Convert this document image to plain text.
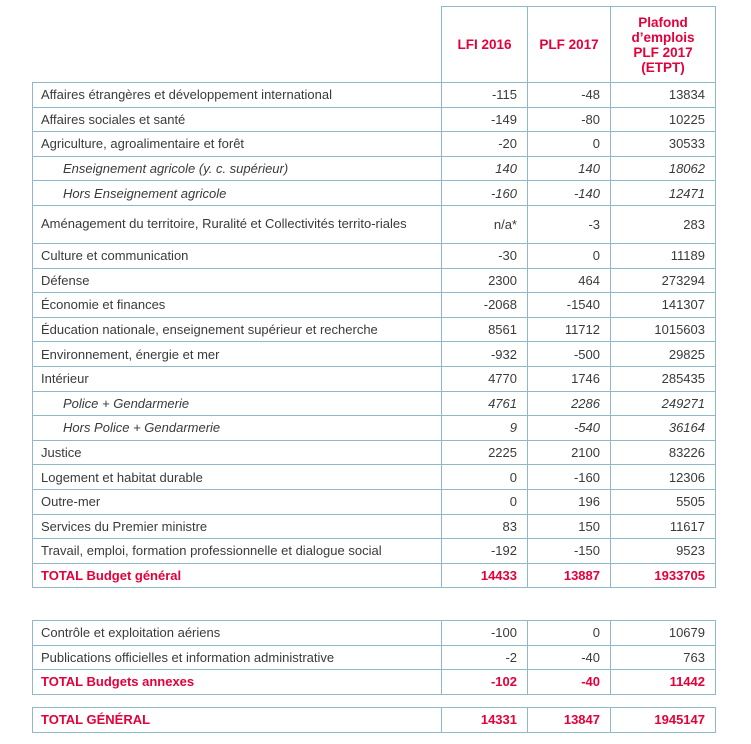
	LFI 2016	PLF 2017	Plafond d’emplois PLF 2017 (ETPT)
Affaires étrangères et développement international	-115	-48	13834
Affaires sociales et santé	-149	-80	10225
Agriculture, agroalimentaire et forêt	-20	0	30533
Enseignement agricole (y. c. supérieur)	140	140	18062
Hors Enseignement agricole	-160	-140	12471
Aménagement du territoire, Ruralité et Collectivités territo-riales	n/a*	-3	283
Culture et communication	-30	0	11189
Défense	2300	464	273294
Économie et finances	-2068	-1540	141307
Éducation nationale, enseignement supérieur et recherche	8561	11712	1015603
Environnement, énergie et mer	-932	-500	29825
Intérieur	4770	1746	285435
Police + Gendarmerie	4761	2286	249271
Hors Police + Gendarmerie	9	-540	36164
Justice	2225	2100	83226
Logement et habitat durable	0	-160	12306
Outre-mer	0	196	5505
Services du Premier ministre	83	150	11617
Travail, emploi, formation professionnelle et dialogue social	-192	-150	9523
TOTAL Budget général	14433	13887	1933705
Contrôle et exploitation aériens	-100	0	10679
Publications officielles et information administrative	-2	-40	763
TOTAL Budgets annexes	-102	-40	11442
TOTAL GÉNÉRAL	14331	13847	1945147
